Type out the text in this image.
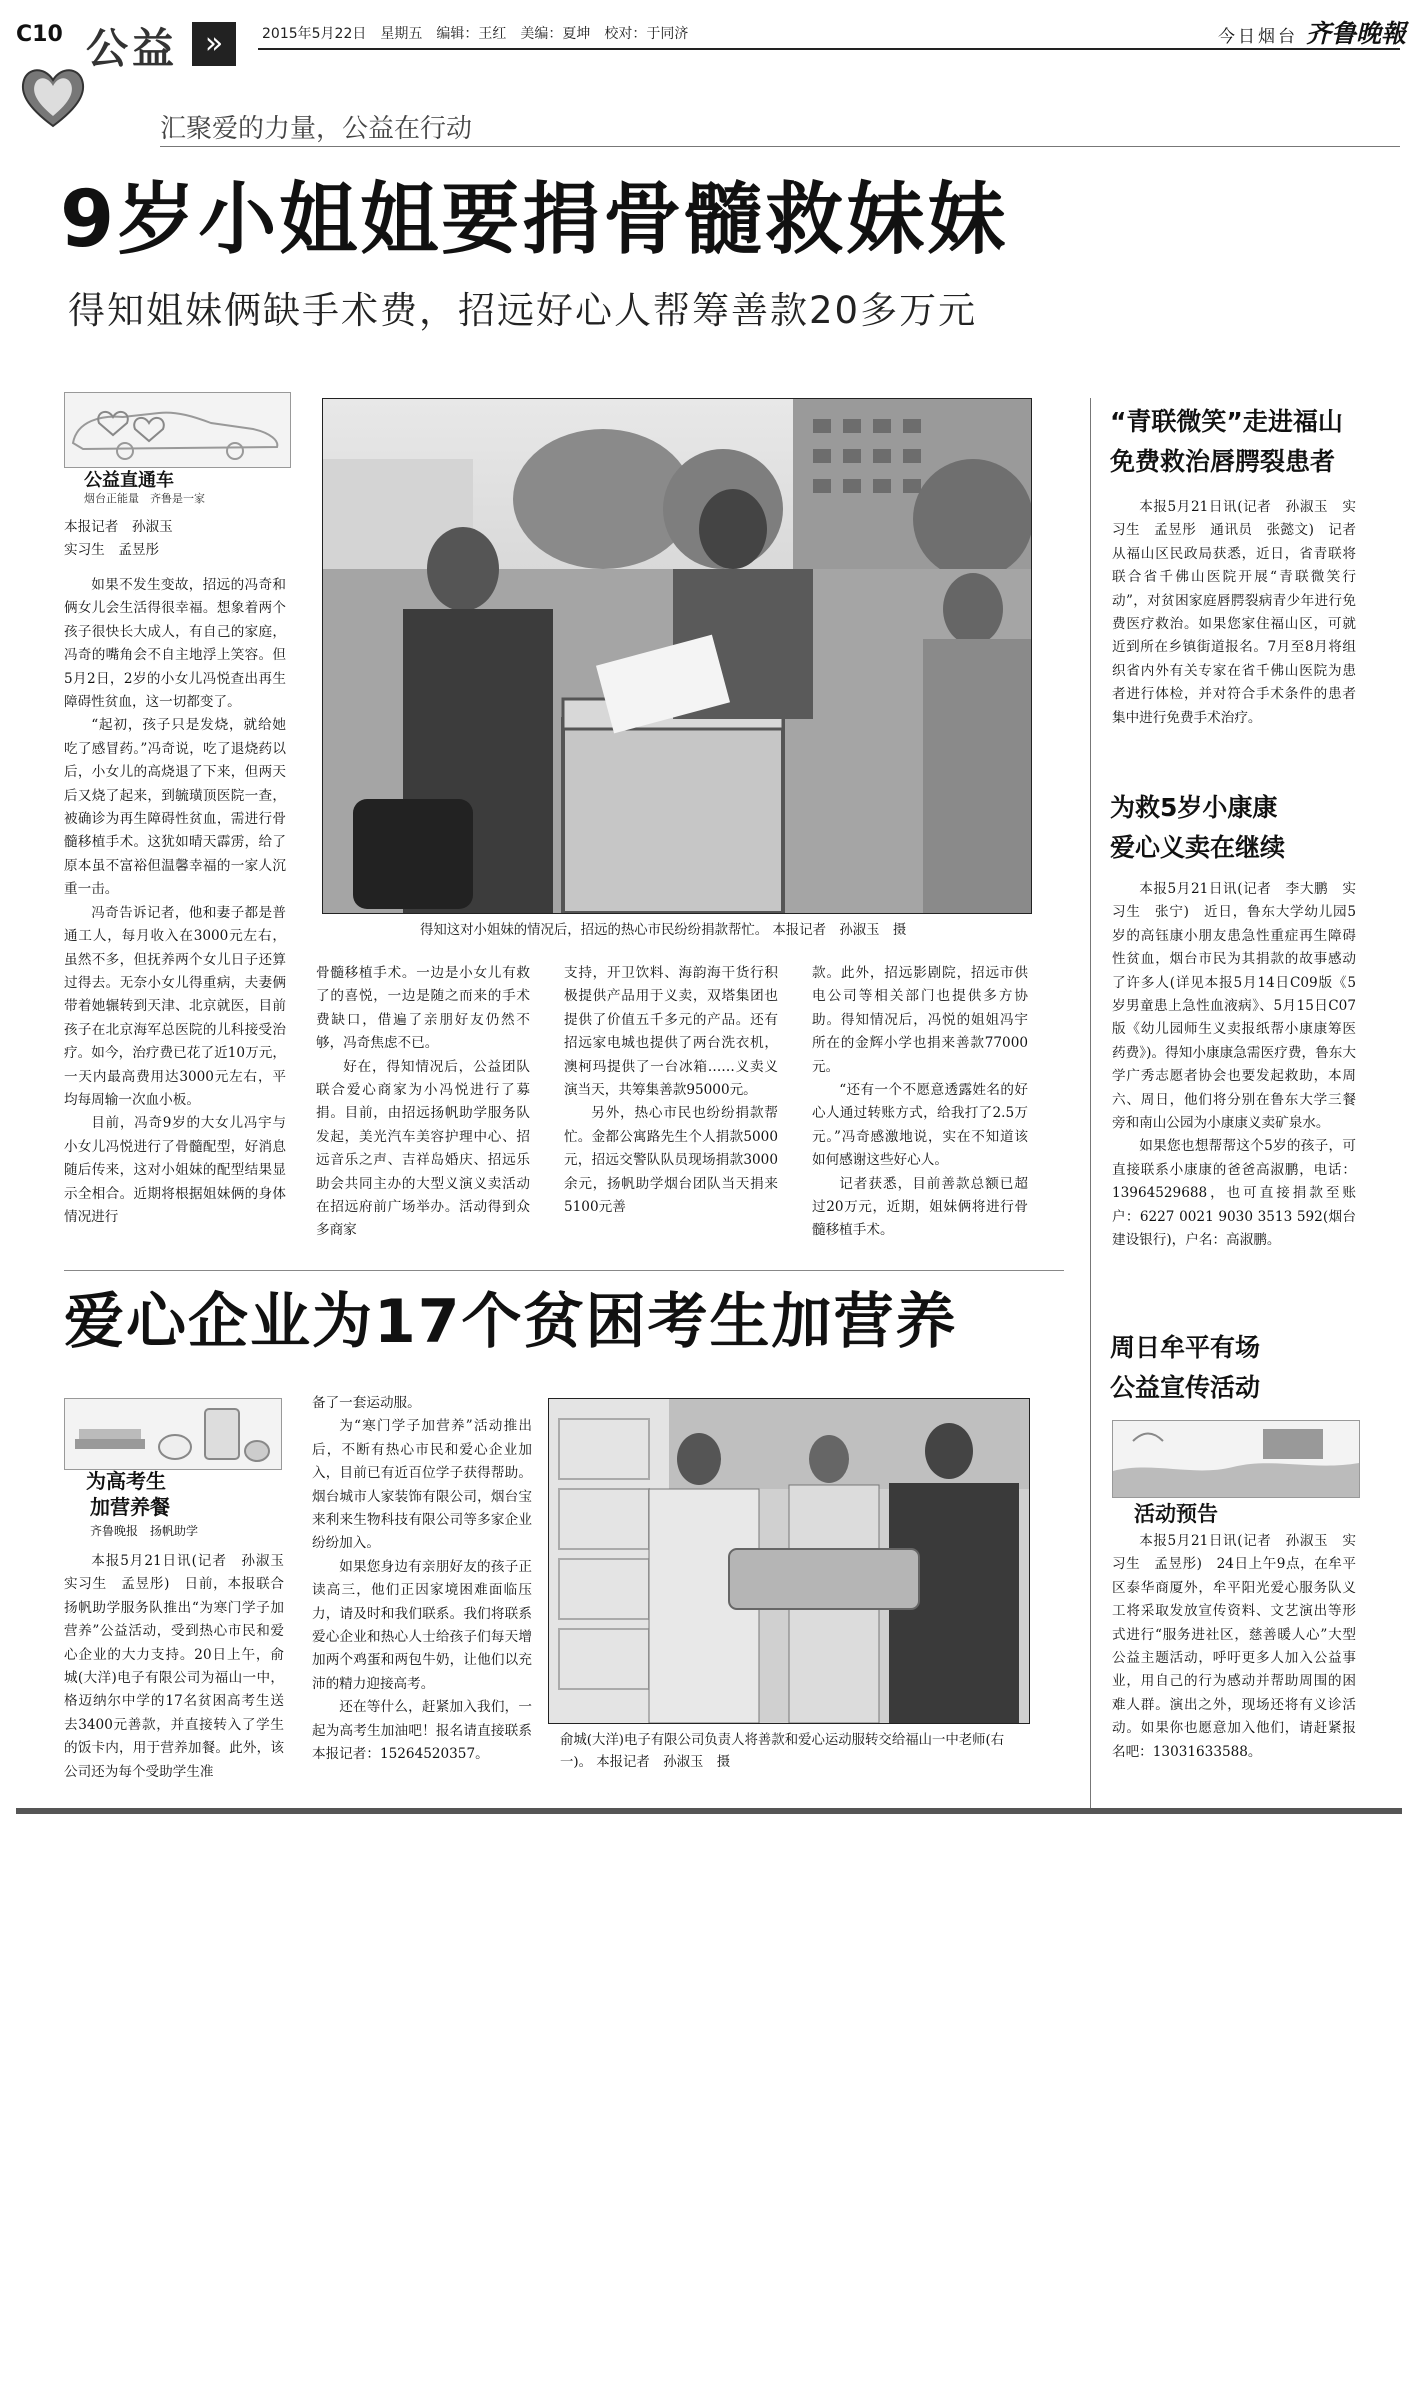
C10 公益 »	2015年5月22日　星期五　编辑：王红　美编：夏坤　校对：于同济	今日烟台 齐鲁晚報
汇聚爱的力量，公益在行动
9岁小姐姐要捐骨髓救妹妹
得知姐妹俩缺手术费，招远好心人帮筹善款20多万元
公益直通车
烟台正能量　齐鲁是一家
本报记者　孙淑玉
实习生　孟昱彤

如果不发生变故，招远的冯奇和俩女儿会生活得很幸福。想象着两个孩子很快长大成人，有自己的家庭，冯奇的嘴角会不自主地浮上笑容。但5月2日，2岁的小女儿冯悦查出再生障碍性贫血，这一切都变了。

“起初，孩子只是发烧，就给她吃了感冒药。”冯奇说，吃了退烧药以后，小女儿的高烧退了下来，但两天后又烧了起来，到毓璜顶医院一查，被确诊为再生障碍性贫血，需进行骨髓移植手术。这犹如晴天霹雳，给了原本虽不富裕但温馨幸福的一家人沉重一击。

冯奇告诉记者，他和妻子都是普通工人，每月收入在3000元左右，虽然不多，但抚养两个女儿日子还算过得去。无奈小女儿得重病，夫妻俩带着她辗转到天津、北京就医，目前孩子在北京海军总医院的儿科接受治疗。如今，治疗费已花了近10万元，一天内最高费用达3000元左右，平均每周输一次血小板。

目前，冯奇9岁的大女儿冯宇与小女儿冯悦进行了骨髓配型，好消息随后传来，这对小姐妹的配型结果显示全相合。近期将根据姐妹俩的身体情况进行

得知这对小姐妹的情况后，招远的热心市民纷纷捐款帮忙。 本报记者　孙淑玉　摄

骨髓移植手术。一边是小女儿有救了的喜悦，一边是随之而来的手术费缺口，借遍了亲朋好友仍然不够，冯奇焦虑不已。

好在，得知情况后，公益团队联合爱心商家为小冯悦进行了募捐。目前，由招远扬帆助学服务队发起，美光汽车美容护理中心、招远音乐之声、吉祥岛婚庆、招远乐助会共同主办的大型义演义卖活动在招远府前广场举办。活动得到众多商家

支持，开卫饮料、海韵海干货行积极提供产品用于义卖，双塔集团也提供了价值五千多元的产品。还有招远家电城也提供了两台洗衣机，澳柯玛提供了一台冰箱……义卖义演当天，共筹集善款95000元。

另外，热心市民也纷纷捐款帮忙。金都公寓路先生个人捐款5000元，招远交警队队员现场捐款3000余元，扬帆助学烟台团队当天捐来5100元善

款。此外，招远影剧院，招远市供电公司等相关部门也提供多方协助。得知情况后，冯悦的姐姐冯宇所在的金辉小学也捐来善款77000元。

“还有一个不愿意透露姓名的好心人通过转账方式，给我打了2.5万元。”冯奇感激地说，实在不知道该如何感谢这些好心人。

记者获悉，目前善款总额已超过20万元，近期，姐妹俩将进行骨髓移植手术。

“青联微笑”走进福山
免费救治唇腭裂患者

本报5月21日讯(记者　孙淑玉　实习生　孟昱彤　通讯员　张懿文)　记者从福山区民政局获悉，近日，省青联将联合省千佛山医院开展“青联微笑行动”，对贫困家庭唇腭裂病青少年进行免费医疗救治。如果您家住福山区，可就近到所在乡镇街道报名。7月至8月将组织省内外有关专家在省千佛山医院为患者进行体检，并对符合手术条件的患者集中进行免费手术治疗。

为救5岁小康康
爱心义卖在继续

本报5月21日讯(记者　李大鹏　实习生　张宁)　近日，鲁东大学幼儿园5岁的高钰康小朋友患急性重症再生障碍性贫血，烟台市民为其捐款的故事感动了许多人(详见本报5月14日C09版《5岁男童患上急性血液病》、5月15日C07版《幼儿园师生义卖报纸帮小康康筹医药费》)。得知小康康急需医疗费，鲁东大学广秀志愿者协会也要发起救助，本周六、周日，他们将分别在鲁东大学三餐旁和南山公园为小康康义卖矿泉水。

如果您也想帮帮这个5岁的孩子，可直接联系小康康的爸爸高淑鹏，电话：13964529688，也可直接捐款至账户：6227 0021 9030 3513 592(烟台建设银行)，户名：高淑鹏。

周日牟平有场
公益宣传活动
活动预告

本报5月21日讯(记者　孙淑玉　实习生　孟昱彤)　24日上午9点，在牟平区泰华商厦外，牟平阳光爱心服务队义工将采取发放宣传资料、文艺演出等形式进行“服务进社区，慈善暖人心”大型公益主题活动，呼吁更多人加入公益事业，用自己的行为感动并帮助周围的困难人群。演出之外，现场还将有义诊活动。如果你也愿意加入他们，请赶紧报名吧：13031633588。

爱心企业为17个贫困考生加营养
为高考生
加营养餐
齐鲁晚报　扬帆助学

本报5月21日讯(记者　孙淑玉　实习生　孟昱彤)　日前，本报联合扬帆助学服务队推出“为寒门学子加营养”公益活动，受到热心市民和爱心企业的大力支持。20日上午，俞城(大洋)电子有限公司为福山一中，格迈纳尔中学的17名贫困高考生送去3400元善款，并直接转入了学生的饭卡内，用于营养加餐。此外，该公司还为每个受助学生准

备了一套运动服。

为“寒门学子加营养”活动推出后，不断有热心市民和爱心企业加入，目前已有近百位学子获得帮助。烟台城市人家装饰有限公司，烟台宝来利来生物科技有限公司等多家企业纷纷加入。

如果您身边有亲朋好友的孩子正读高三，他们正因家境困难面临压力，请及时和我们联系。我们将联系爱心企业和热心人士给孩子们每天增加两个鸡蛋和两包牛奶，让他们以充沛的精力迎接高考。

还在等什么，赶紧加入我们，一起为高考生加油吧！报名请直接联系本报记者：15264520357。

俞城(大洋)电子有限公司负责人将善款和爱心运动服转交给福山一中老师(右一)。 本报记者　孙淑玉　摄
